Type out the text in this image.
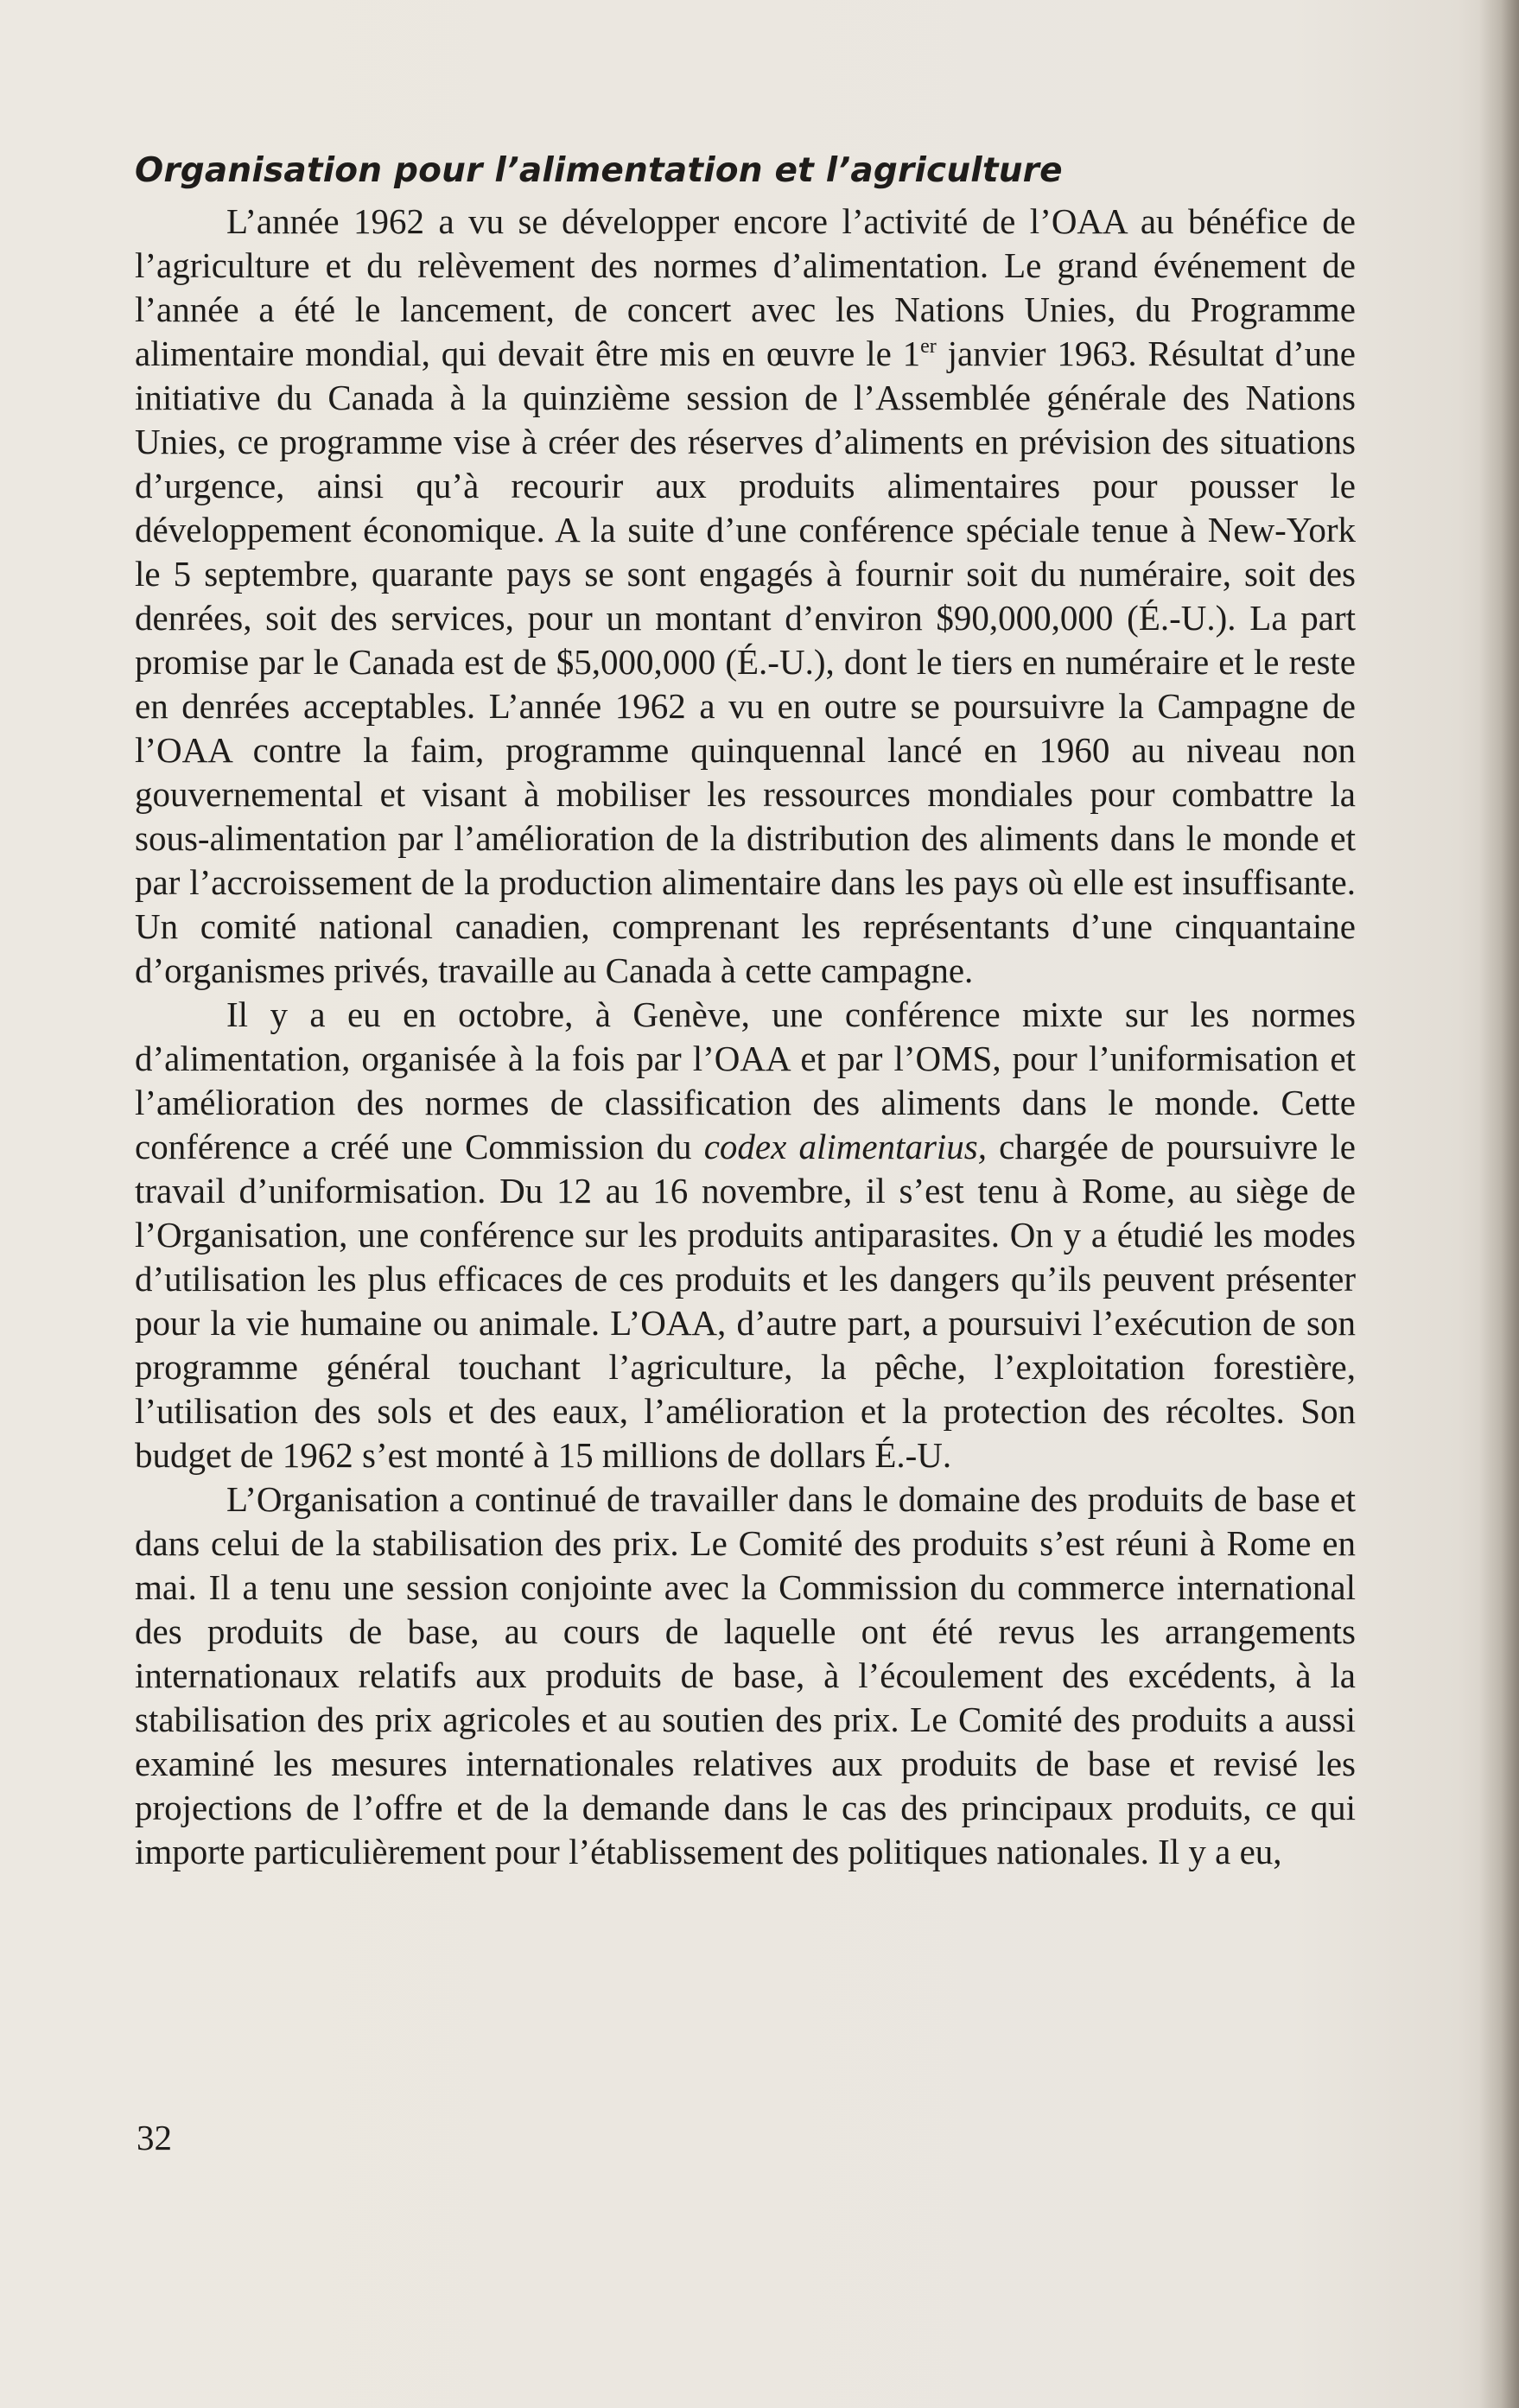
Organisation pour l’alimentation et l’agriculture

L’année 1962 a vu se développer encore l’activité de l’OAA au bénéfice de l’agriculture et du relèvement des normes d’alimentation. Le grand événement de l’année a été le lancement, de concert avec les Nations Unies, du Programme alimentaire mondial, qui devait être mis en œuvre le 1er janvier 1963. Résultat d’une initiative du Canada à la quinzième session de l’Assemblée générale des Nations Unies, ce programme vise à créer des réserves d’aliments en prévision des situations d’urgence, ainsi qu’à recourir aux produits alimentaires pour pousser le développement économique. A la suite d’une conférence spéciale tenue à New-York le 5 septembre, quarante pays se sont engagés à fournir soit du numéraire, soit des denrées, soit des services, pour un montant d’environ $90,000,000 (É.-U.). La part promise par le Canada est de $5,000,000 (É.-U.), dont le tiers en numéraire et le reste en denrées acceptables. L’année 1962 a vu en outre se poursuivre la Campagne de l’OAA contre la faim, programme quinquennal lancé en 1960 au niveau non gouvernemental et visant à mobiliser les ressources mondiales pour combattre la sous-alimentation par l’amélioration de la distribution des aliments dans le monde et par l’accroissement de la production alimentaire dans les pays où elle est insuffisante. Un comité national canadien, comprenant les représentants d’une cinquantaine d’organismes privés, travaille au Canada à cette campagne.

Il y a eu en octobre, à Genève, une conférence mixte sur les normes d’alimentation, organisée à la fois par l’OAA et par l’OMS, pour l’uniformisation et l’amélioration des normes de classification des aliments dans le monde. Cette conférence a créé une Commission du codex alimentarius, chargée de poursuivre le travail d’uniformisation. Du 12 au 16 novembre, il s’est tenu à Rome, au siège de l’Organisation, une conférence sur les produits antiparasites. On y a étudié les modes d’utilisation les plus efficaces de ces produits et les dangers qu’ils peuvent présenter pour la vie humaine ou animale. L’OAA, d’autre part, a poursuivi l’exécution de son programme général touchant l’agriculture, la pêche, l’exploitation forestière, l’utilisation des sols et des eaux, l’amélioration et la protection des récoltes. Son budget de 1962 s’est monté à 15 millions de dollars É.-U.

L’Organisation a continué de travailler dans le domaine des produits de base et dans celui de la stabilisation des prix. Le Comité des produits s’est réuni à Rome en mai. Il a tenu une session conjointe avec la Commission du commerce international des produits de base, au cours de laquelle ont été revus les arrangements internationaux relatifs aux produits de base, à l’écoulement des excédents, à la stabilisation des prix agricoles et au soutien des prix. Le Comité des produits a aussi examiné les mesures internationales relatives aux produits de base et revisé les projections de l’offre et de la demande dans le cas des principaux produits, ce qui importe particulièrement pour l’établissement des politiques nationales. Il y a eu,

32
